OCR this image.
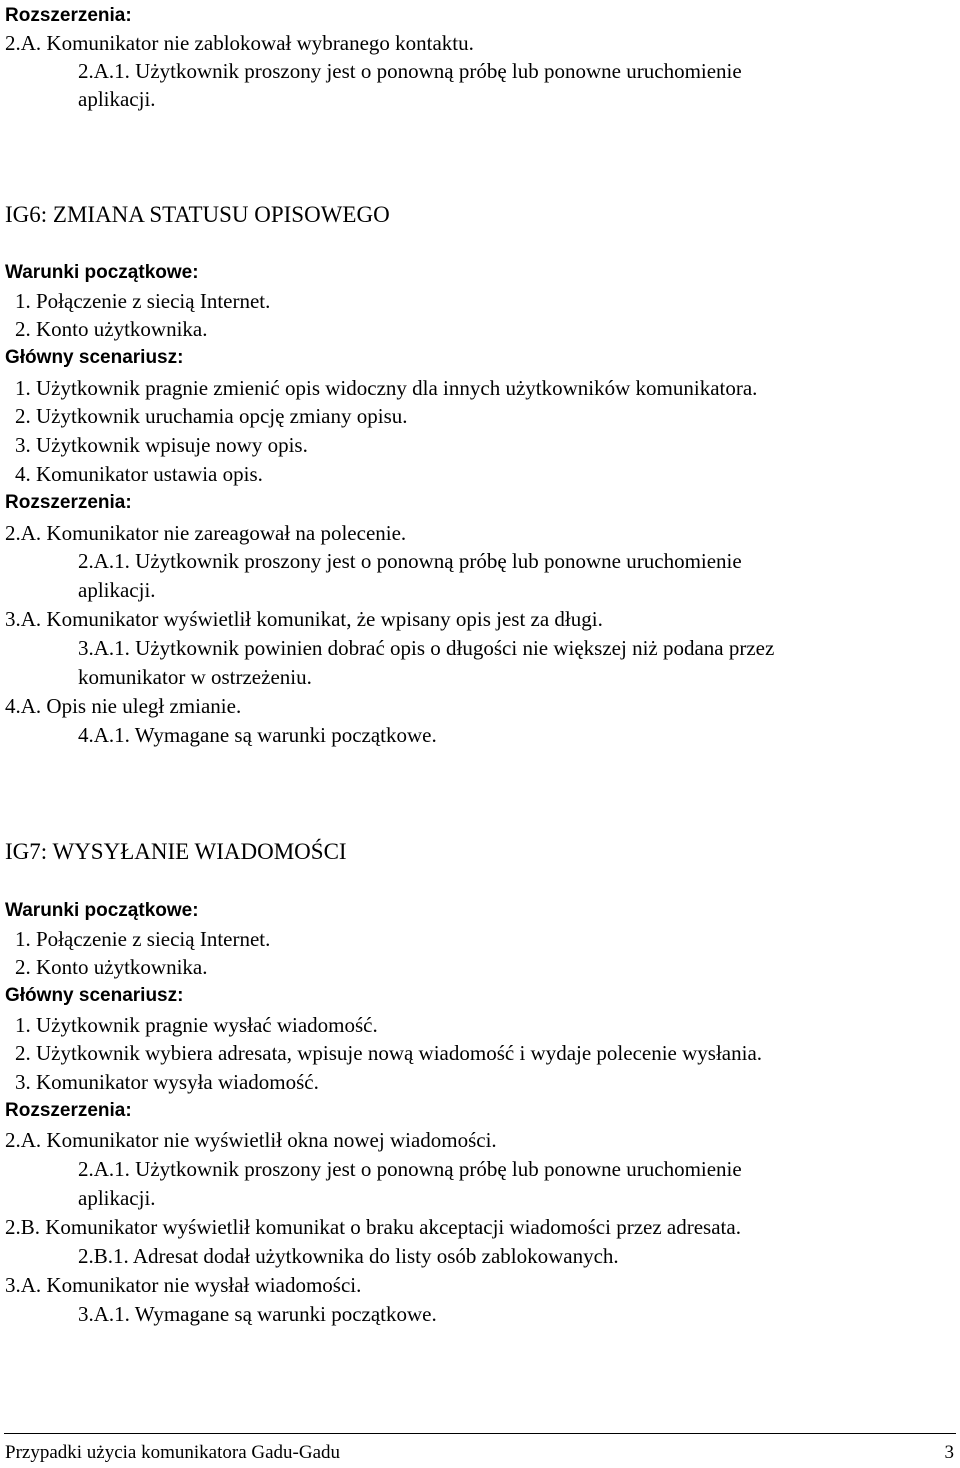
Rozszerzenia:
2.A. Komunikator nie zablokował wybranego kontaktu.
2.A.1. Użytkownik proszony jest o ponowną próbę lub ponowne uruchomienie
aplikacji.
IG6: ZMIANA STATUSU OPISOWEGO
Warunki początkowe:
1. Połączenie z siecią Internet.
2. Konto użytkownika.
Główny scenariusz:
1. Użytkownik pragnie zmienić opis widoczny dla innych użytkowników komunikatora.
2. Użytkownik uruchamia opcję zmiany opisu.
3. Użytkownik wpisuje nowy opis.
4. Komunikator ustawia opis.
Rozszerzenia:
2.A. Komunikator nie zareagował na polecenie.
2.A.1. Użytkownik proszony jest o ponowną próbę lub ponowne uruchomienie
aplikacji.
3.A. Komunikator wyświetlił komunikat, że wpisany opis jest za długi.
3.A.1. Użytkownik powinien dobrać opis o długości nie większej niż podana przez
komunikator w ostrzeżeniu.
4.A. Opis nie uległ zmianie.
4.A.1. Wymagane są warunki początkowe.
IG7: WYSYŁANIE WIADOMOŚCI
Warunki początkowe:
1. Połączenie z siecią Internet.
2. Konto użytkownika.
Główny scenariusz:
1. Użytkownik pragnie wysłać wiadomość.
2. Użytkownik wybiera adresata, wpisuje nową wiadomość i wydaje polecenie wysłania.
3. Komunikator wysyła wiadomość.
Rozszerzenia:
2.A. Komunikator nie wyświetlił okna nowej wiadomości.
2.A.1. Użytkownik proszony jest o ponowną próbę lub ponowne uruchomienie
aplikacji.
2.B. Komunikator wyświetlił komunikat o braku akceptacji wiadomości przez adresata.
2.B.1. Adresat dodał użytkownika do listy osób zablokowanych.
3.A. Komunikator nie wysłał wiadomości.
3.A.1. Wymagane są warunki początkowe.
Przypadki użycia komunikatora Gadu-Gadu	3
